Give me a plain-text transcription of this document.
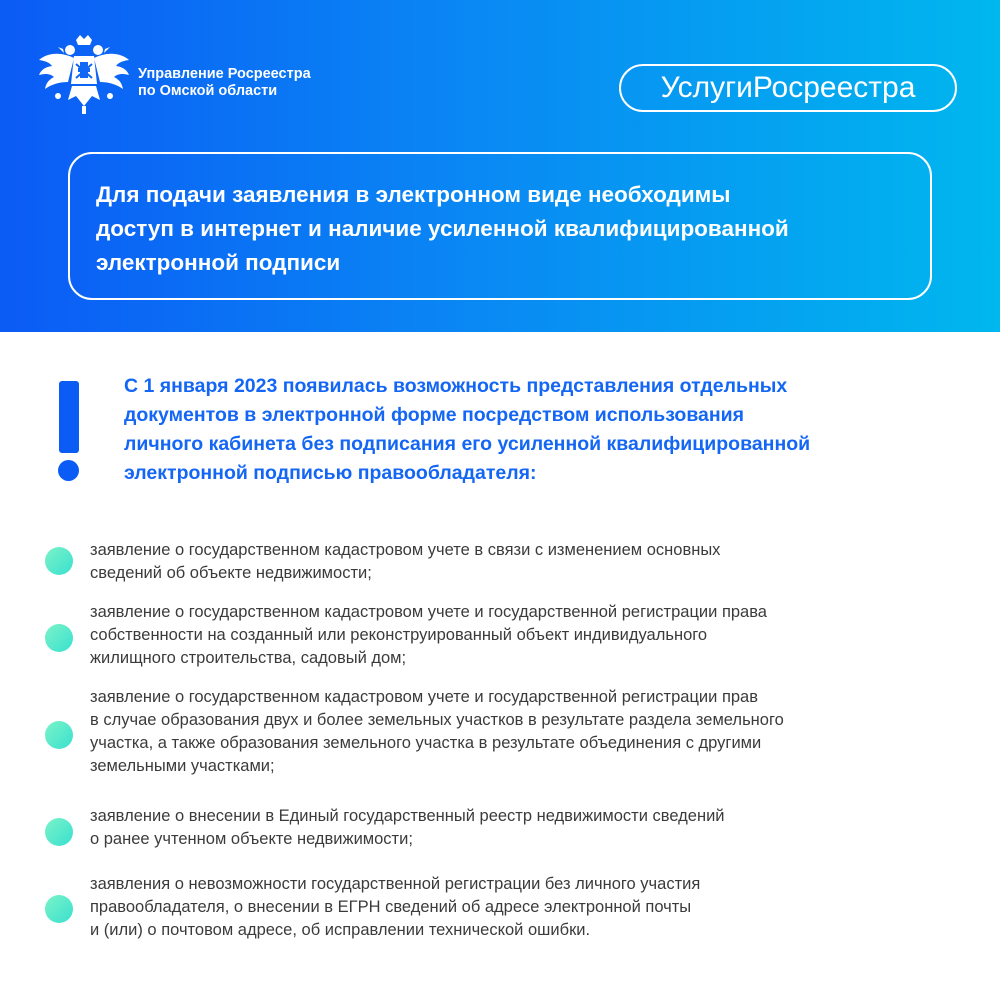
Управление Росреестра
по Омской области	УслугиРосреестра
Для подачи заявления в электронном виде необходимы
доступ в интернет и наличие усиленной квалифицированной
электронной подписи
С 1 января 2023 появилась возможность представления отдельных
документов в электронной форме посредством использования
личного кабинета без подписания его усиленной квалифицированной
электронной подписью правообладателя:
заявление о государственном кадастровом учете в связи с изменением основных
сведений об объекте недвижимости;
заявление о государственном кадастровом учете и государственной регистрации права
собственности на созданный или реконструированный объект индивидуального
жилищного строительства, садовый дом;
заявление о государственном кадастровом учете и государственной регистрации прав
в случае образования двух и более земельных участков в результате раздела земельного
участка, а также образования земельного участка в результате объединения с другими
земельными участками;
заявление о внесении в Единый государственный реестр недвижимости сведений
о ранее учтенном объекте недвижимости;
заявления о невозможности государственной регистрации без личного участия
правообладателя, о внесении в ЕГРН сведений об адресе электронной почты
и (или) о почтовом адресе, об исправлении технической ошибки.
